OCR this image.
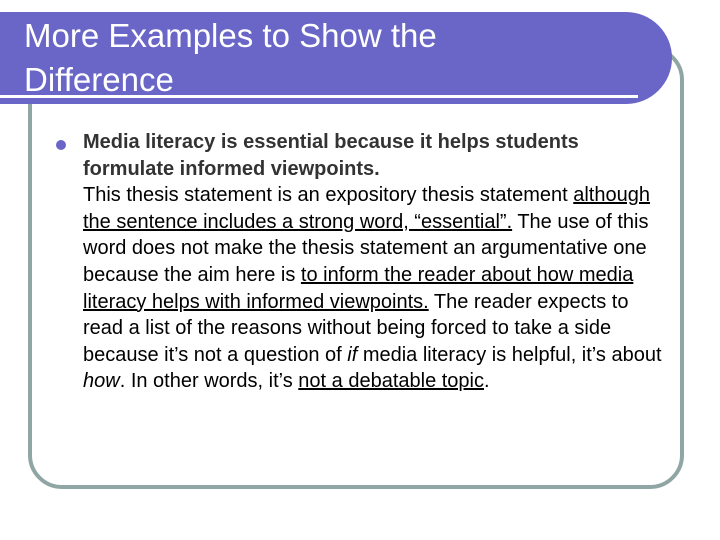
More Examples to Show the
Difference

Media literacy is essential because it helps students formulate informed viewpoints.
This thesis statement is an expository thesis statement although the sentence includes a strong word, “essential”. The use of this word does not make the thesis statement an argumentative one because the aim here is to inform the reader about how media literacy helps with informed viewpoints. The reader expects to read a list of the reasons without being forced to take a side because it’s not a question of if media literacy is helpful, it’s about how. In other words, it’s not a debatable topic.
